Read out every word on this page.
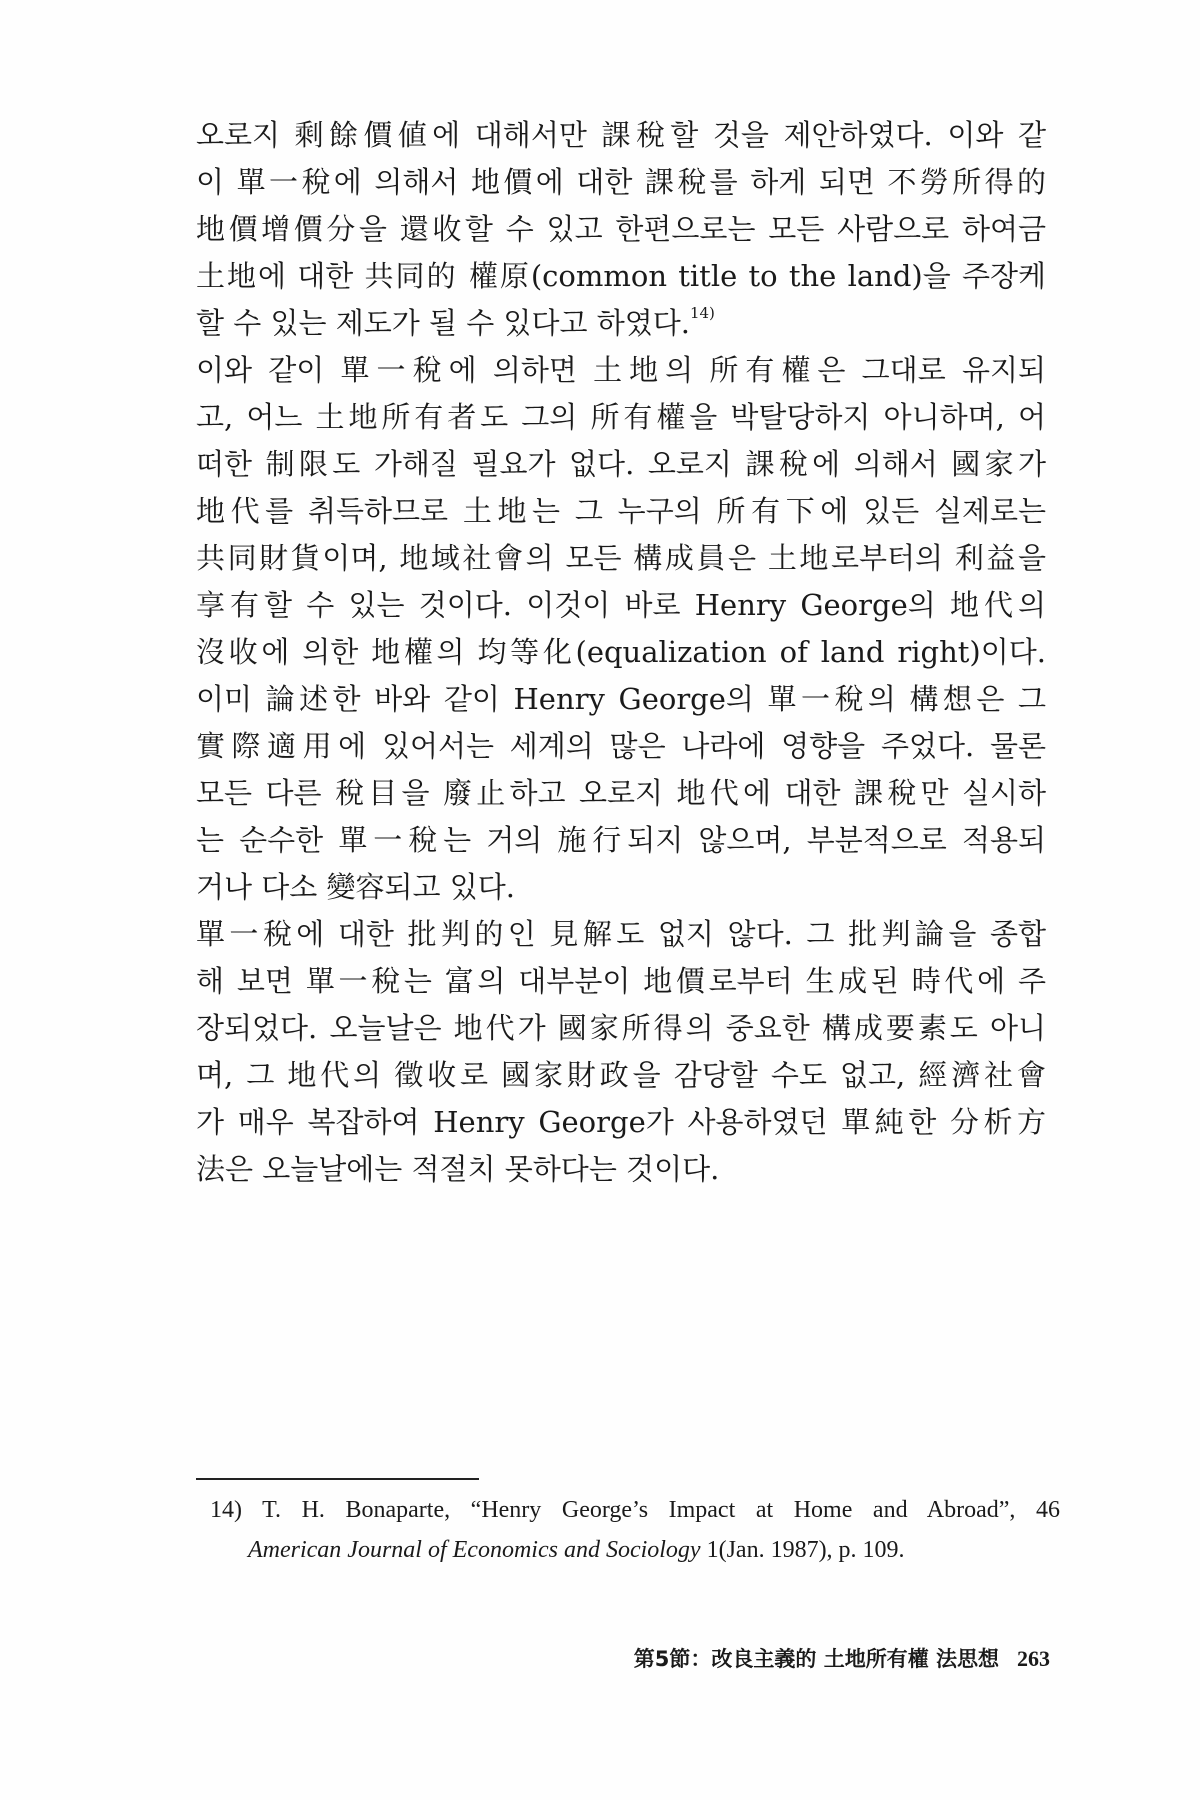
오로지 剩餘價値에 대해서만 課稅할 것을 제안하였다. 이와 같
이 單一稅에 의해서 地價에 대한 課稅를 하게 되면 不勞所得的
地價增價分을 還收할 수 있고 한편으로는 모든 사람으로 하여금
土地에 대한 共同的 權原(common title to the land)을 주장케
할 수 있는 제도가 될 수 있다고 하였다.$^{14)}$
이와 같이 單一稅에 의하면 土地의 所有權은 그대로 유지되
고, 어느 土地所有者도 그의 所有權을 박탈당하지 아니하며, 어
떠한 制限도 가해질 필요가 없다. 오로지 課稅에 의해서 國家가
地代를 취득하므로 土地는 그 누구의 所有下에 있든 실제로는
共同財貨이며, 地域社會의 모든 構成員은 土地로부터의 利益을
享有할 수 있는 것이다. 이것이 바로 Henry George의 地代의
沒收에 의한 地權의 均等化(equalization of land right)이다.
이미 論述한 바와 같이 Henry George의 單一稅의 構想은 그
實際適用에 있어서는 세계의 많은 나라에 영향을 주었다. 물론
모든 다른 稅目을 廢止하고 오로지 地代에 대한 課稅만 실시하
는 순수한 單一稅는 거의 施行되지 않으며, 부분적으로 적용되
거나 다소 變容되고 있다.
單一稅에 대한 批判的인 見解도 없지 않다. 그 批判論을 종합
해 보면 單一稅는 富의 대부분이 地價로부터 生成된 時代에 주
장되었다. 오늘날은 地代가 國家所得의 중요한 構成要素도 아니
며, 그 地代의 徵收로 國家財政을 감당할 수도 없고, 經濟社會
가 매우 복잡하여 Henry George가 사용하였던 單純한 分析方
法은 오늘날에는 적절치 못하다는 것이다.
14) T. H. Bonaparte, “Henry George’s Impact at Home and Abroad”, 46
American Journal of Economics and Sociology 1(Jan. 1987), p. 109.
第5節：改良主義的 土地所有權 法思想 263
